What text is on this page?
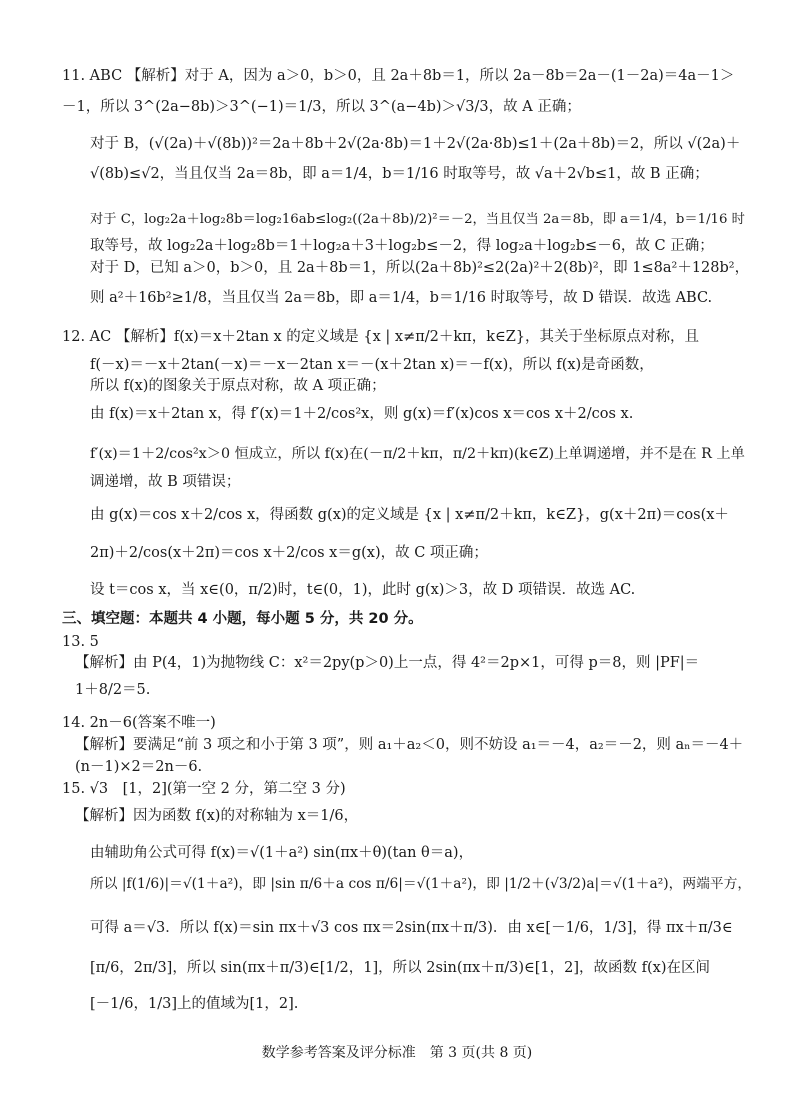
11. ABC 【解析】对于 A，因为 a＞0，b＞0，且 2a＋8b＝1，所以 2a－8b＝2a－(1－2a)＝4a－1＞
－1，所以 3^(2a−8b)＞3^(−1)＝1/3，所以 3^(a−4b)＞√3/3，故 A 正确；
对于 B，(√(2a)＋√(8b))²＝2a＋8b＋2√(2a·8b)＝1＋2√(2a·8b)≤1＋(2a＋8b)＝2，所以 √(2a)＋
√(8b)≤√2，当且仅当 2a＝8b，即 a＝1/4，b＝1/16 时取等号，故 √a＋2√b≤1，故 B 正确；
对于 C，log₂2a＋log₂8b＝log₂16ab≤log₂((2a＋8b)/2)²＝－2，当且仅当 2a＝8b，即 a＝1/4，b＝1/16 时
取等号，故 log₂2a＋log₂8b＝1＋log₂a＋3＋log₂b≤－2，得 log₂a＋log₂b≤－6，故 C 正确；
对于 D，已知 a＞0，b＞0，且 2a＋8b＝1，所以(2a＋8b)²≤2(2a)²＋2(8b)²，即 1≤8a²＋128b²，
则 a²＋16b²≥1/8，当且仅当 2a＝8b，即 a＝1/4，b＝1/16 时取等号，故 D 错误．故选 ABC.
12. AC 【解析】f(x)＝x＋2tan x 的定义域是 {x | x≠π/2＋kπ，k∈Z}，其关于坐标原点对称，且
f(－x)＝－x＋2tan(－x)＝－x－2tan x＝－(x＋2tan x)＝－f(x)，所以 f(x)是奇函数，
所以 f(x)的图象关于原点对称，故 A 项正确；
由 f(x)＝x＋2tan x，得 f′(x)＝1＋2/cos²x，则 g(x)＝f′(x)cos x＝cos x＋2/cos x.
f′(x)＝1＋2/cos²x＞0 恒成立，所以 f(x)在(－π/2＋kπ，π/2＋kπ)(k∈Z)上单调递增，并不是在 R 上单
调递增，故 B 项错误；
由 g(x)＝cos x＋2/cos x，得函数 g(x)的定义域是 {x | x≠π/2＋kπ，k∈Z}，g(x＋2π)＝cos(x＋
2π)＋2/cos(x＋2π)＝cos x＋2/cos x＝g(x)，故 C 项正确；
设 t＝cos x，当 x∈(0，π/2)时，t∈(0，1)，此时 g(x)＞3，故 D 项错误．故选 AC.
三、填空题：本题共 4 小题，每小题 5 分，共 20 分。
13. 5
【解析】由 P(4，1)为抛物线 C：x²＝2py(p＞0)上一点，得 4²＝2p×1，可得 p＝8，则 |PF|＝
1＋8/2＝5.
14. 2n－6(答案不唯一)
【解析】要满足“前 3 项之和小于第 3 项”，则 a₁＋a₂＜0，则不妨设 a₁＝－4，a₂＝－2，则 aₙ＝－4＋
(n－1)×2＝2n－6.
15. √3　[1，2](第一空 2 分，第二空 3 分)
【解析】因为函数 f(x)的对称轴为 x＝1/6，
由辅助角公式可得 f(x)＝√(1＋a²) sin(πx＋θ)(tan θ＝a)，
所以 |f(1/6)|＝√(1＋a²)，即 |sin π/6＋a cos π/6|＝√(1＋a²)，即 |1/2＋(√3/2)a|＝√(1＋a²)，两端平方，
可得 a＝√3．所以 f(x)＝sin πx＋√3 cos πx＝2sin(πx＋π/3)．由 x∈[－1/6，1/3]，得 πx＋π/3∈
[π/6，2π/3]，所以 sin(πx＋π/3)∈[1/2，1]，所以 2sin(πx＋π/3)∈[1，2]，故函数 f(x)在区间
[－1/6，1/3]上的值域为[1，2].
数学参考答案及评分标准　第 3 页(共 8 页)
